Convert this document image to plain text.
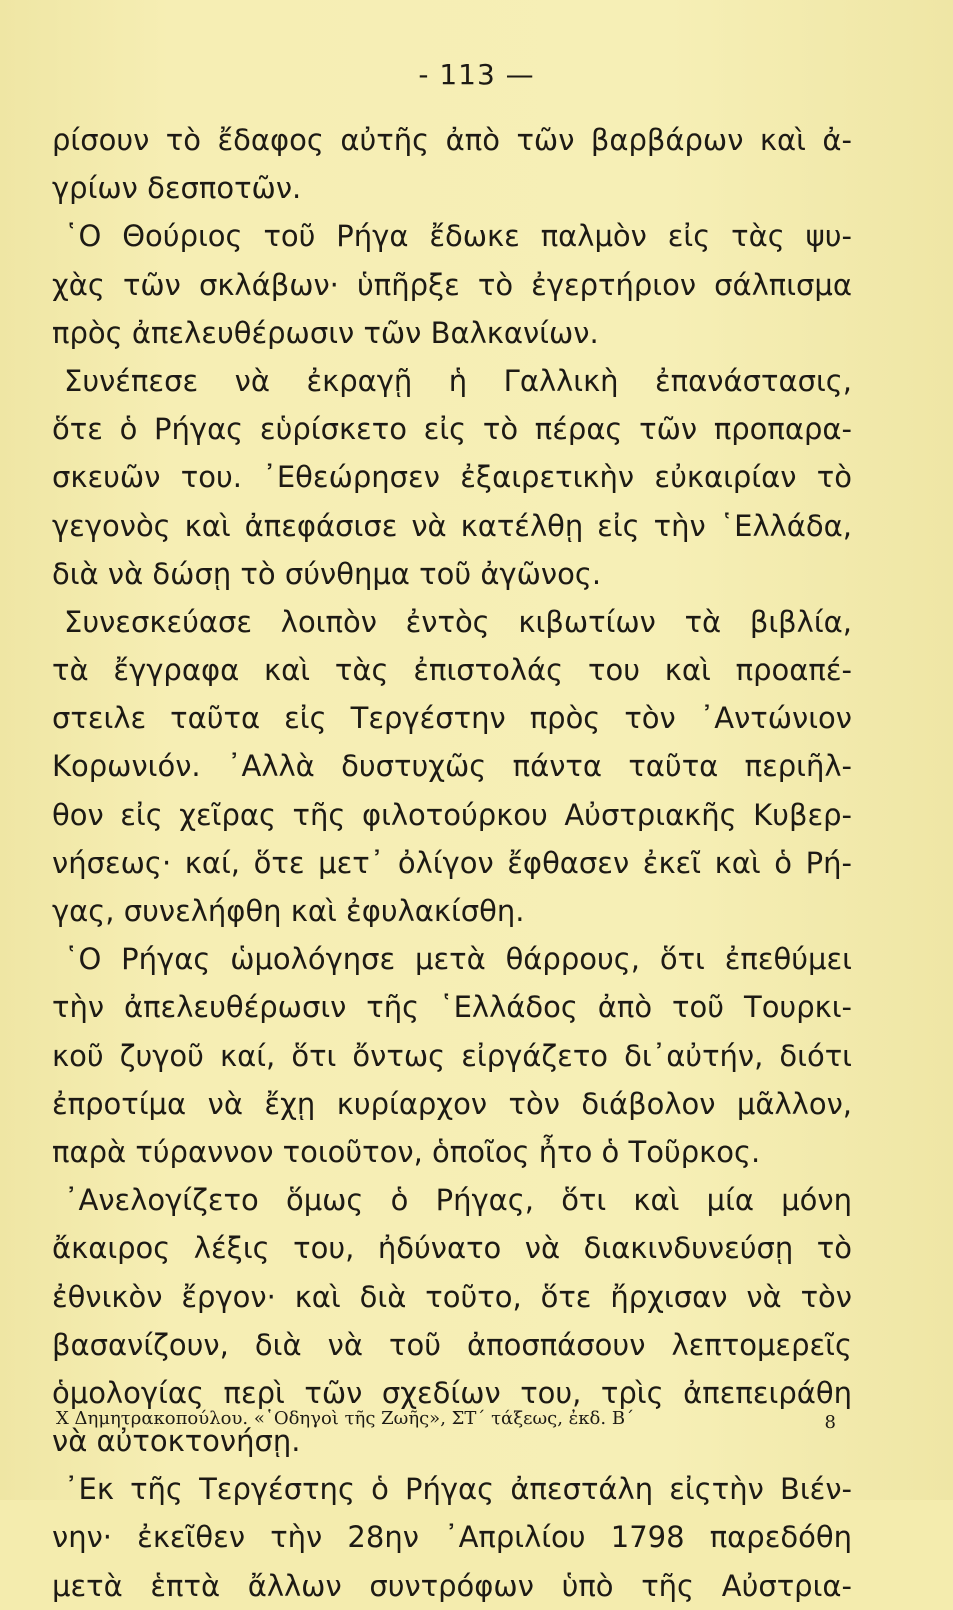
- 113 —
ρίσουν τὸ ἔδαφος αὐτῆς ἀπὸ τῶν βαρβάρων καὶ ἀ-
γρίων δεσποτῶν.
῾Ο Θούριος τοῦ Ρήγα ἔδωκε παλμὸν εἰς τὰς ψυ-
χὰς τῶν σκλάβων· ὑπῆρξε τὸ ἐγερτήριον σάλπισμα
πρὸς ἀπελευθέρωσιν τῶν Βαλκανίων.
Συνέπεσε νὰ ἐκραγῇ ἡ Γαλλικὴ ἐπανάστασις,
ὅτε ὁ Ρήγας εὑρίσκετο εἰς τὸ πέρας τῶν προπαρα-
σκευῶν του. ᾿Εθεώρησεν ἐξαιρετικὴν εὐκαιρίαν τὸ
γεγονὸς καὶ ἀπεφάσισε νὰ κατέλθῃ εἰς τὴν ῾Ελλάδα,
διὰ νὰ δώσῃ τὸ σύνθημα τοῦ ἀγῶνος.
Συνεσκεύασε λοιπὸν ἐντὸς κιβωτίων τὰ βιβλία,
τὰ ἔγγραφα καὶ τὰς ἐπιστολάς του καὶ προαπέ-
στειλε ταῦτα εἰς Τεργέστην πρὸς τὸν ᾿Αντώνιον
Κορωνιόν. ᾿Αλλὰ δυστυχῶς πάντα ταῦτα περιῆλ-
θον εἰς χεῖρας τῆς φιλοτούρκου Αὐστριακῆς Κυβερ-
νήσεως· καί, ὅτε μετ᾿ ὀλίγον ἔφθασεν ἐκεῖ καὶ ὁ Ρή-
γας, συνελήφθη καὶ ἐφυλακίσθη.
῾Ο Ρήγας ὡμολόγησε μετὰ θάρρους, ὅτι ἐπεθύμει
τὴν ἀπελευθέρωσιν τῆς ῾Ελλάδος ἀπὸ τοῦ Τουρκι-
κοῦ ζυγοῦ καί, ὅτι ὄντως εἰργάζετο δι᾿αὐτήν, διότι
ἐπροτίμα νὰ ἔχῃ κυρίαρχον τὸν διάβολον μᾶλλον,
παρὰ τύραννον τοιοῦτον, ὁποῖος ἦτο ὁ Τοῦρκος.
᾿Ανελογίζετο ὅμως ὁ Ρήγας, ὅτι καὶ μία μόνη
ἄκαιρος λέξις του, ἠδύνατο νὰ διακινδυνεύσῃ τὸ
ἐθνικὸν ἔργον· καὶ διὰ τοῦτο, ὅτε ἤρχισαν νὰ τὸν
βασανίζουν, διὰ νὰ τοῦ ἀποσπάσουν λεπτομερεῖς
ὁμολογίας περὶ τῶν σχεδίων του, τρὶς ἀπεπειράθη
νὰ αὐτοκτονήσῃ.
᾿Εκ τῆς Τεργέστης ὁ Ρήγας ἀπεστάλη εἰςτὴν Βιέν-
νην· ἐκεῖθεν τὴν 28ην ᾿Απριλίου 1798 παρεδόθη
μετὰ ἑπτὰ ἄλλων συντρόφων ὑπὸ τῆς Αὐστρια-
Χ Δημητρακοπούλου. «῾Οδηγοὶ τῆς Ζωῆς», ΣΤ΄ τάξεως, ἐκδ. Β΄	8
